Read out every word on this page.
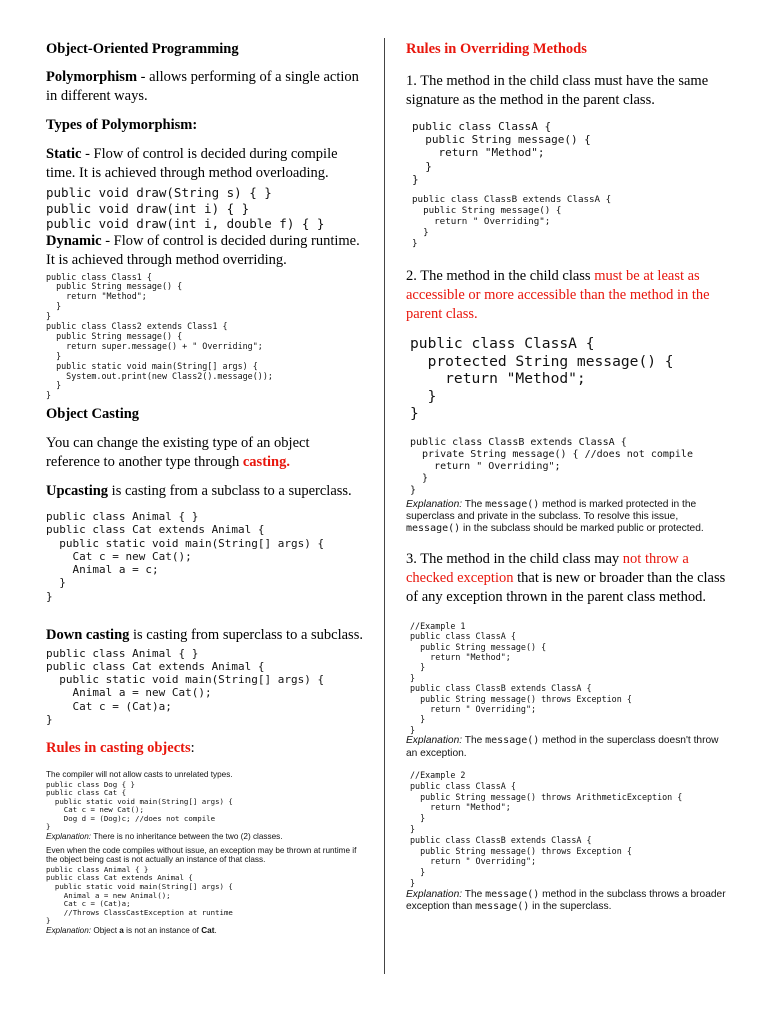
Object-Oriented Programming

Polymorphism - allows performing of a single action in different ways.

Types of Polymorphism:

Static - Flow of control is decided during compile time. It is achieved through method overloading.

public void draw(String s) { }
public void draw(int i) { }
public void draw(int i, double f) { }

Dynamic - Flow of control is decided during runtime. It is achieved through method overriding.

public class Class1 {
public String message() {
return "Method";
}
}
public class Class2 extends Class1 {
public String message() {
return super.message() + " Overriding";
}
public static void main(String[] args) {
System.out.print(new Class2().message());
}
}

Object Casting

You can change the existing type of an object reference to another type through casting.

Upcasting is casting from a subclass to a superclass.

public class Animal { }
public class Cat extends Animal {
public static void main(String[] args) {
Cat c = new Cat();
Animal a = c;
}
}

Down casting is casting from superclass to a subclass.

public class Animal { }
public class Cat extends Animal {
public static void main(String[] args) {
Animal a = new Cat();
Cat c = (Cat)a;
}

Rules in casting objects:

The compiler will not allow casts to unrelated types.

public class Dog { }
public class Cat {
public static void main(String[] args) {
Cat c = new Cat();
Dog d = (Dog)c; //does not compile
}

Explanation: There is no inheritance between the two (2) classes.

Even when the code compiles without issue, an exception may be thrown at runtime if the object being cast is not actually an instance of that class.

public class Animal { }
public class Cat extends Animal {
public static void main(String[] args) {
Animal a = new Animal();
Cat c = (Cat)a;
//Throws ClassCastException at runtime
}

Explanation: Object a is not an instance of Cat.

Rules in Overriding Methods

1. The method in the child class must have the same signature as the method in the parent class.

public class ClassA {
public String message() {
return "Method";
}
}
public class ClassB extends ClassA {
public String message() {
return " Overriding";
}
}

2. The method in the child class must be at least as accessible or more accessible than the method in the parent class.

public class ClassA {
protected String message() {
return "Method";
}
}
public class ClassB extends ClassA {
private String message() { //does not compile
return " Overriding";
}
}

Explanation: The message() method is marked protected in the superclass and private in the subclass. To resolve this issue, message() in the subclass should be marked public or protected.

3. The method in the child class may not throw a checked exception that is new or broader than the class of any exception thrown in the parent class method.

//Example 1
public class ClassA {
public String message() {
return "Method";
}
}
public class ClassB extends ClassA {
public String message() throws Exception {
return " Overriding";
}
}

Explanation: The message() method in the superclass doesn't throw an exception.

//Example 2
public class ClassA {
public String message() throws ArithmeticException {
return "Method";
}
}
public class ClassB extends ClassA {
public String message() throws Exception {
return " Overriding";
}
}

Explanation: The message() method in the subclass throws a broader exception than message() in the superclass.
